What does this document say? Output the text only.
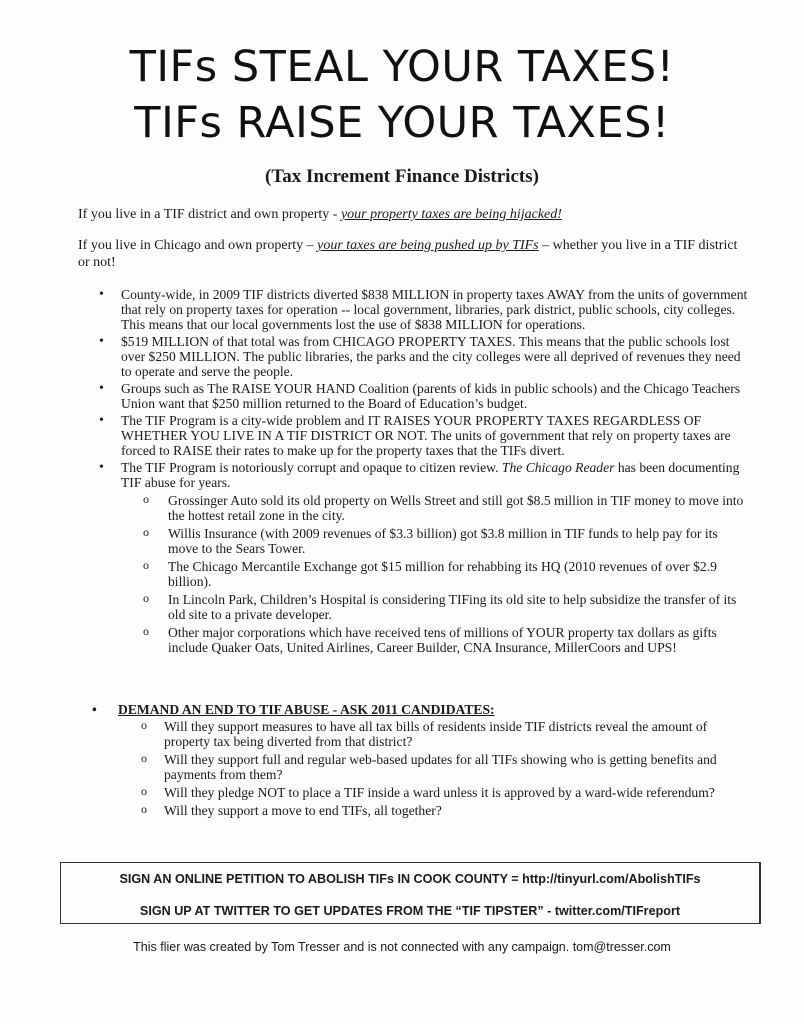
TIFs STEAL YOUR TAXES!
TIFs RAISE YOUR TAXES!
(Tax Increment Finance Districts)

If you live in a TIF district and own property - your property taxes are being hijacked!

If you live in Chicago and own property – your taxes are being pushed up by TIFs – whether you live in a TIF district or not!

• County-wide, in 2009 TIF districts diverted $838 MILLION in property taxes AWAY from the units of government that rely on property taxes for operation -- local government, libraries, park district, public schools, city colleges. This means that our local governments lost the use of $838 MILLION for operations.
• $519 MILLION of that total was from CHICAGO PROPERTY TAXES. This means that the public schools lost over $250 MILLION. The public libraries, the parks and the city colleges were all deprived of revenues they need to operate and serve the people.
• Groups such as The RAISE YOUR HAND Coalition (parents of kids in public schools) and the Chicago Teachers Union want that $250 million returned to the Board of Education’s budget.
• The TIF Program is a city-wide problem and IT RAISES YOUR PROPERTY TAXES REGARDLESS OF WHETHER YOU LIVE IN A TIF DISTRICT OR NOT. The units of government that rely on property taxes are forced to RAISE their rates to make up for the property taxes that the TIFs divert.
• The TIF Program is notoriously corrupt and opaque to citizen review. The Chicago Reader has been documenting TIF abuse for years.
o Grossinger Auto sold its old property on Wells Street and still got $8.5 million in TIF money to move into the hottest retail zone in the city.
o Willis Insurance (with 2009 revenues of $3.3 billion) got $3.8 million in TIF funds to help pay for its move to the Sears Tower.
o The Chicago Mercantile Exchange got $15 million for rehabbing its HQ (2010 revenues of over $2.9 billion).
o In Lincoln Park, Children’s Hospital is considering TIFing its old site to help subsidize the transfer of its old site to a private developer.
o Other major corporations which have received tens of millions of YOUR property tax dollars as gifts include Quaker Oats, United Airlines, Career Builder, CNA Insurance, MillerCoors and UPS!

• DEMAND AN END TO TIF ABUSE - ASK 2011 CANDIDATES:

o Will they support measures to have all tax bills of residents inside TIF districts reveal the amount of property tax being diverted from that district?
o Will they support full and regular web-based updates for all TIFs showing who is getting benefits and payments from them?
o Will they pledge NOT to place a TIF inside a ward unless it is approved by a ward-wide referendum?
o Will they support a move to end TIFs, all together?

SIGN AN ONLINE PETITION TO ABOLISH TIFs IN COOK COUNTY = http://tinyurl.com/AbolishTIFs

SIGN UP AT TWITTER TO GET UPDATES FROM THE “TIF TIPSTER” - twitter.com/TIFreport

This flier was created by Tom Tresser and is not connected with any campaign. tom@tresser.com
